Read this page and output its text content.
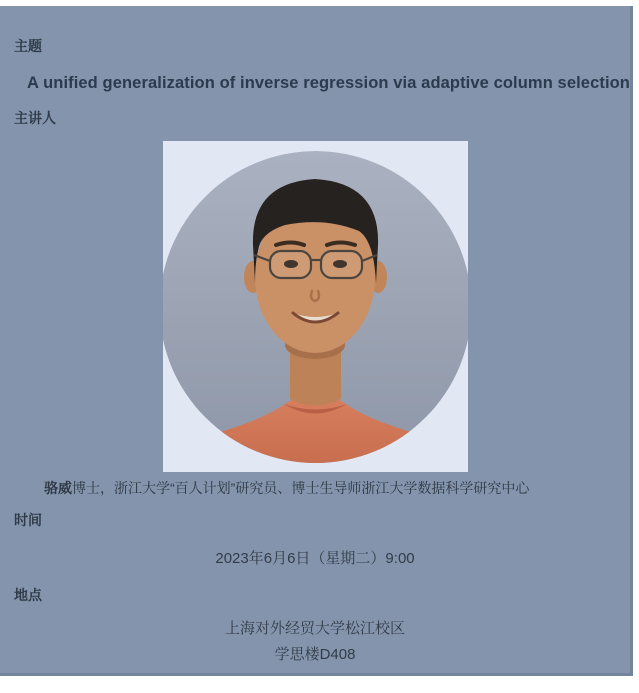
主题
A unified generalization of inverse regression via adaptive column selection
主讲人
骆威博士，浙江大学“百人计划”研究员、博士生导师浙江大学数据科学研究中心
时间
2023年6月6日（星期二）9:00
地点
上海对外经贸大学松江校区
学思楼D408
